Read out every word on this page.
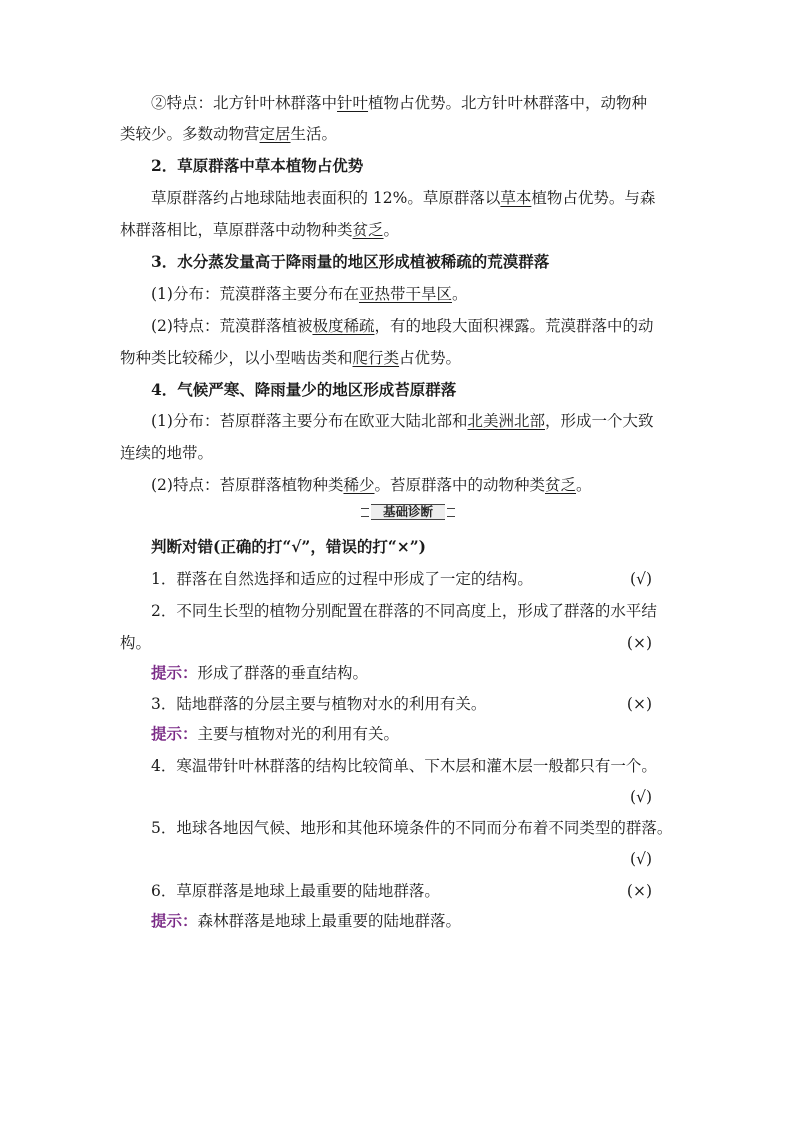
②特点：北方针叶林群落中针叶植物占优势。北方针叶林群落中，动物种
类较少。多数动物营定居生活。
2．草原群落中草本植物占优势
草原群落约占地球陆地表面积的 12%。草原群落以草本植物占优势。与森
林群落相比，草原群落中动物种类贫乏。
3．水分蒸发量高于降雨量的地区形成植被稀疏的荒漠群落
(1)分布：荒漠群落主要分布在亚热带干旱区。
(2)特点：荒漠群落植被极度稀疏，有的地段大面积裸露。荒漠群落中的动
物种类比较稀少，以小型啮齿类和爬行类占优势。
4．气候严寒、降雨量少的地区形成苔原群落
(1)分布：苔原群落主要分布在欧亚大陆北部和北美洲北部，形成一个大致
连续的地带。
(2)特点：苔原群落植物种类稀少。苔原群落中的动物种类贫乏。
基础诊断
判断对错(正确的打“√”，错误的打“×”)
1．群落在自然选择和适应的过程中形成了一定的结构。	(√)
2．不同生长型的植物分别配置在群落的不同高度上，形成了群落的水平结
构。	(×)
提示：形成了群落的垂直结构。
3．陆地群落的分层主要与植物对水的利用有关。	(×)
提示：主要与植物对光的利用有关。
4．寒温带针叶林群落的结构比较简单、下木层和灌木层一般都只有一个。
(√)
5．地球各地因气候、地形和其他环境条件的不同而分布着不同类型的群落。
(√)
6．草原群落是地球上最重要的陆地群落。	(×)
提示：森林群落是地球上最重要的陆地群落。
